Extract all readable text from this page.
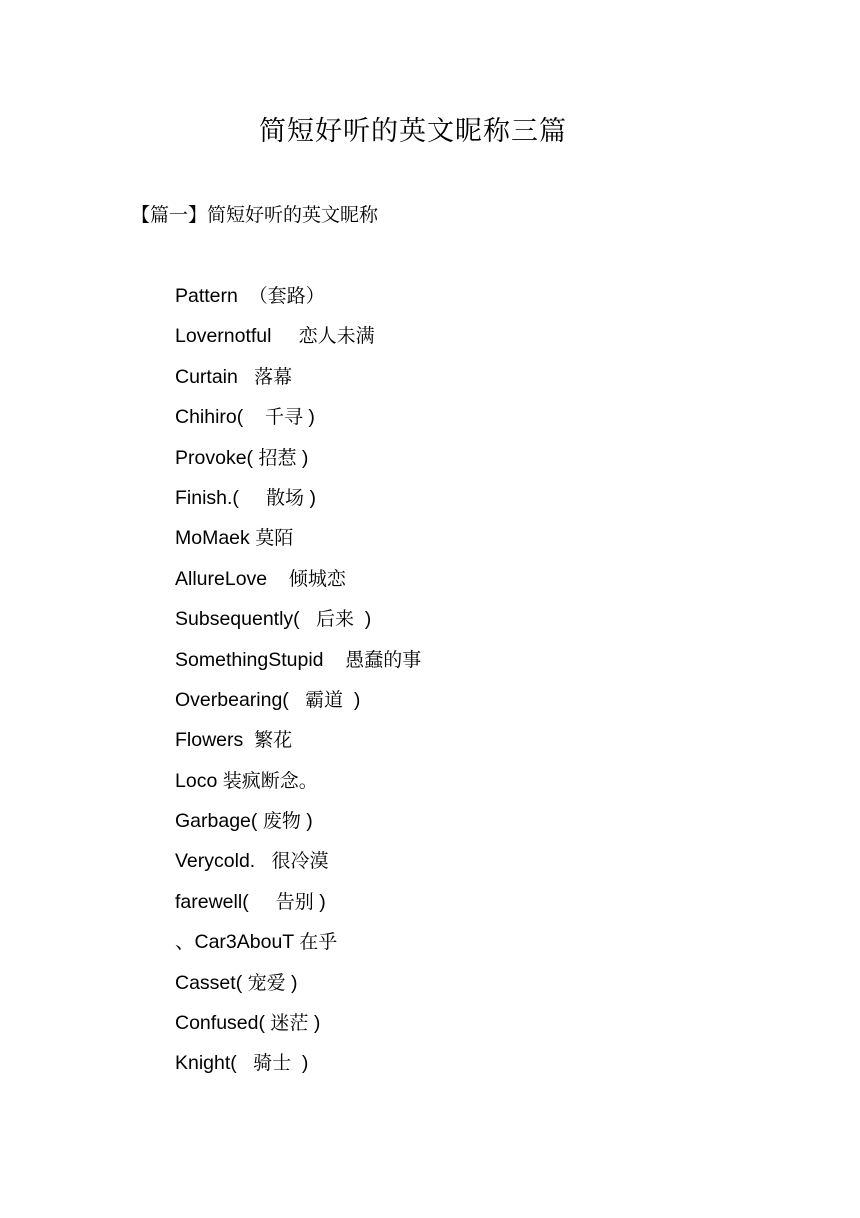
简短好听的英文昵称三篇
【篇一】简短好听的英文昵称
Pattern （套路）
Lovernotful 恋人未满
Curtain 落幕
Chihiro( 千寻 )
Provoke( 招惹 )
Finish.( 散场 )
MoMaek 莫陌
AllureLove 倾城恋
Subsequently( 后来  )
SomethingStupid 愚蠢的事
Overbearing( 霸道  )
Flowers 繁花
Loco 装疯断念。
Garbage( 废物 )
Verycold. 很冷漠
farewell( 告别 )
、Car3AbouT 在乎
Casset( 宠爱 )
Confused( 迷茫 )
Knight( 骑士  )
